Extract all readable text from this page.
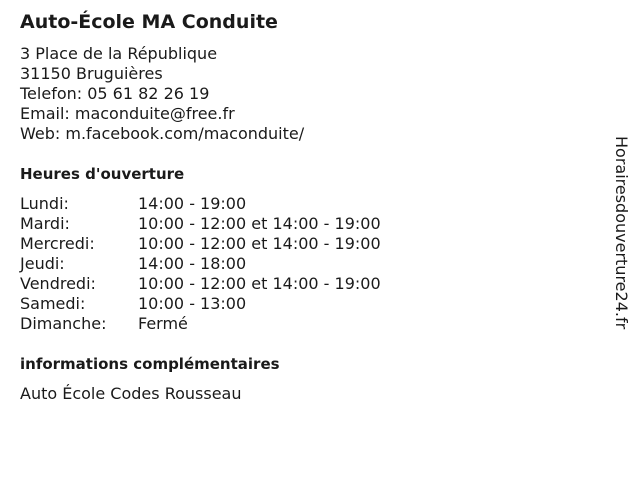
Auto-École MA Conduite
3 Place de la République
31150 Bruguières
Telefon: 05 61 82 26 19
Email: maconduite@free.fr
Web: m.facebook.com/maconduite/
Heures d'ouverture
Lundi:	14:00 - 19:00
Mardi:	10:00 - 12:00 et 14:00 - 19:00
Mercredi:	10:00 - 12:00 et 14:00 - 19:00
Jeudi:	14:00 - 18:00
Vendredi:	10:00 - 12:00 et 14:00 - 19:00
Samedi:	10:00 - 13:00
Dimanche:	Fermé
informations complémentaires
Auto École Codes Rousseau
Horairesdouverture24.fr
